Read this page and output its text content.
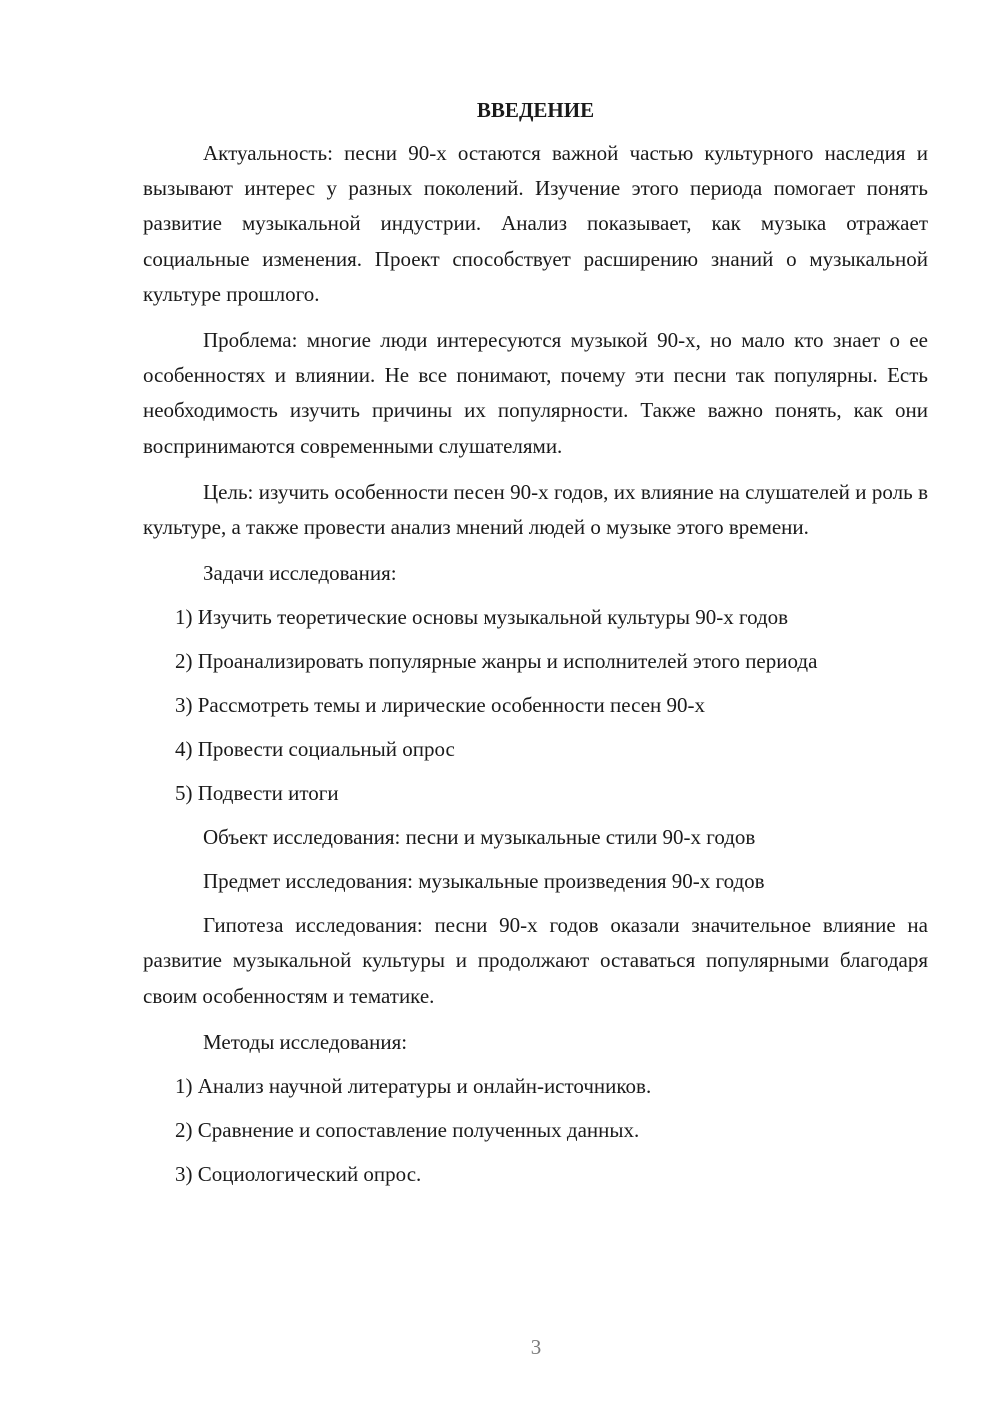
ВВЕДЕНИЕ

Актуальность: песни 90-х остаются важной частью культурного наследия и вызывают интерес у разных поколений. Изучение этого периода помогает понять развитие музыкальной индустрии. Анализ показывает, как музыка отражает социальные изменения. Проект способствует расширению знаний о музыкальной культуре прошлого.

Проблема: многие люди интересуются музыкой 90-х, но мало кто знает о ее особенностях и влиянии. Не все понимают, почему эти песни так популярны. Есть необходимость изучить причины их популярности. Также важно понять, как они воспринимаются современными слушателями.

Цель: изучить особенности песен 90-х годов, их влияние на слушателей и роль в культуре, а также провести анализ мнений людей о музыке этого времени.

Задачи исследования:

1) Изучить теоретические основы музыкальной культуры 90-х годов

2) Проанализировать популярные жанры и исполнителей этого периода

3) Рассмотреть темы и лирические особенности песен 90-х

4) Провести социальный опрос

5) Подвести итоги

Объект исследования: песни и музыкальные стили 90-х годов

Предмет исследования: музыкальные произведения 90-х годов

Гипотеза исследования: песни 90-х годов оказали значительное влияние на развитие музыкальной культуры и продолжают оставаться популярными благодаря своим особенностям и тематике.

Методы исследования:

1) Анализ научной литературы и онлайн-источников.

2) Сравнение и сопоставление полученных данных.

3) Социологический опрос.

3
